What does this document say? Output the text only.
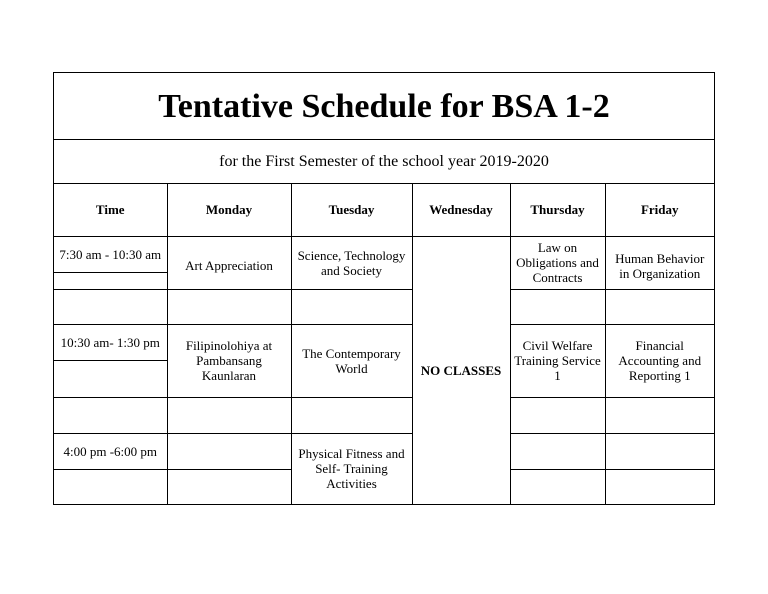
Tentative Schedule for BSA 1-2
for the First Semester of the school year 2019-2020
Time	Monday	Tuesday	Wednesday	Thursday	Friday
7:30 am - 10:30 am	Art Appreciation	Science, Technology and Society	NO CLASSES	Law on Obligations and Contracts	Human Behavior in Organization

10:30 am- 1:30 pm	Filipinolohiya at Pambansang Kaunlaran	The Contemporary World		Civil Welfare Training Service 1	Financial Accounting and Reporting 1

4:00 pm -6:00 pm		Physical Fitness and Self- Training Activities			
